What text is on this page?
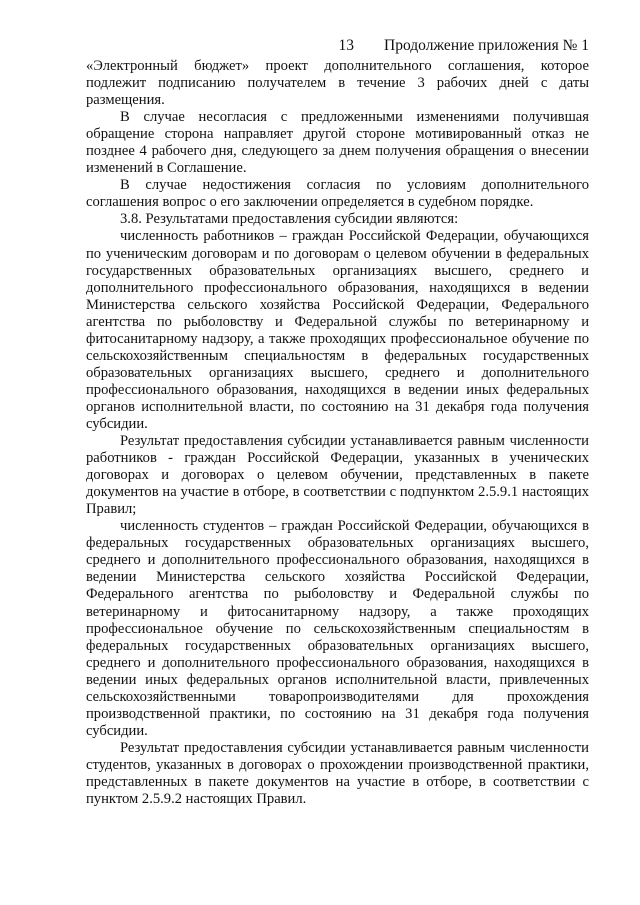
13 Продолжение приложения № 1

«Электронный бюджет» проект дополнительного соглашения, которое подлежит подписанию получателем в течение 3 рабочих дней с даты размещения.

В случае несогласия с предложенными изменениями получившая обращение сторона направляет другой стороне мотивированный отказ не позднее 4 рабочего дня, следующего за днем получения обращения о внесении изменений в Соглашение.

В случае недостижения согласия по условиям дополнительного соглашения вопрос о его заключении определяется в судебном порядке.

3.8. Результатами предоставления субсидии являются:

численность работников – граждан Российской Федерации, обучающихся по ученическим договорам и по договорам о целевом обучении в федеральных государственных образовательных организациях высшего, среднего и дополнительного профессионального образования, находящихся в ведении Министерства сельского хозяйства Российской Федерации, Федерального агентства по рыболовству и Федеральной службы по ветеринарному и фитосанитарному надзору, а также проходящих профессиональное обучение по сельскохозяйственным специальностям в федеральных государственных образовательных организациях высшего, среднего и дополнительного профессионального образования, находящихся в ведении иных федеральных органов исполнительной власти, по состоянию на 31 декабря года получения субсидии.

Результат предоставления субсидии устанавливается равным численности работников - граждан Российской Федерации, указанных в ученических договорах и договорах о целевом обучении, представленных в пакете документов на участие в отборе, в соответствии с подпунктом 2.5.9.1 настоящих Правил;

численность студентов – граждан Российской Федерации, обучающихся в федеральных государственных образовательных организациях высшего, среднего и дополнительного профессионального образования, находящихся в ведении Министерства сельского хозяйства Российской Федерации, Федерального агентства по рыболовству и Федеральной службы по ветеринарному и фитосанитарному надзору, а также проходящих профессиональное обучение по сельскохозяйственным специальностям в федеральных государственных образовательных организациях высшего, среднего и дополнительного профессионального образования, находящихся в ведении иных федеральных органов исполнительной власти, привлеченных сельскохозяйственными товаропроизводителями для прохождения производственной практики, по состоянию на 31 декабря года получения субсидии.

Результат предоставления субсидии устанавливается равным численности студентов, указанных в договорах о прохождении производственной практики, представленных в пакете документов на участие в отборе, в соответствии с пунктом 2.5.9.2 настоящих Правил.
